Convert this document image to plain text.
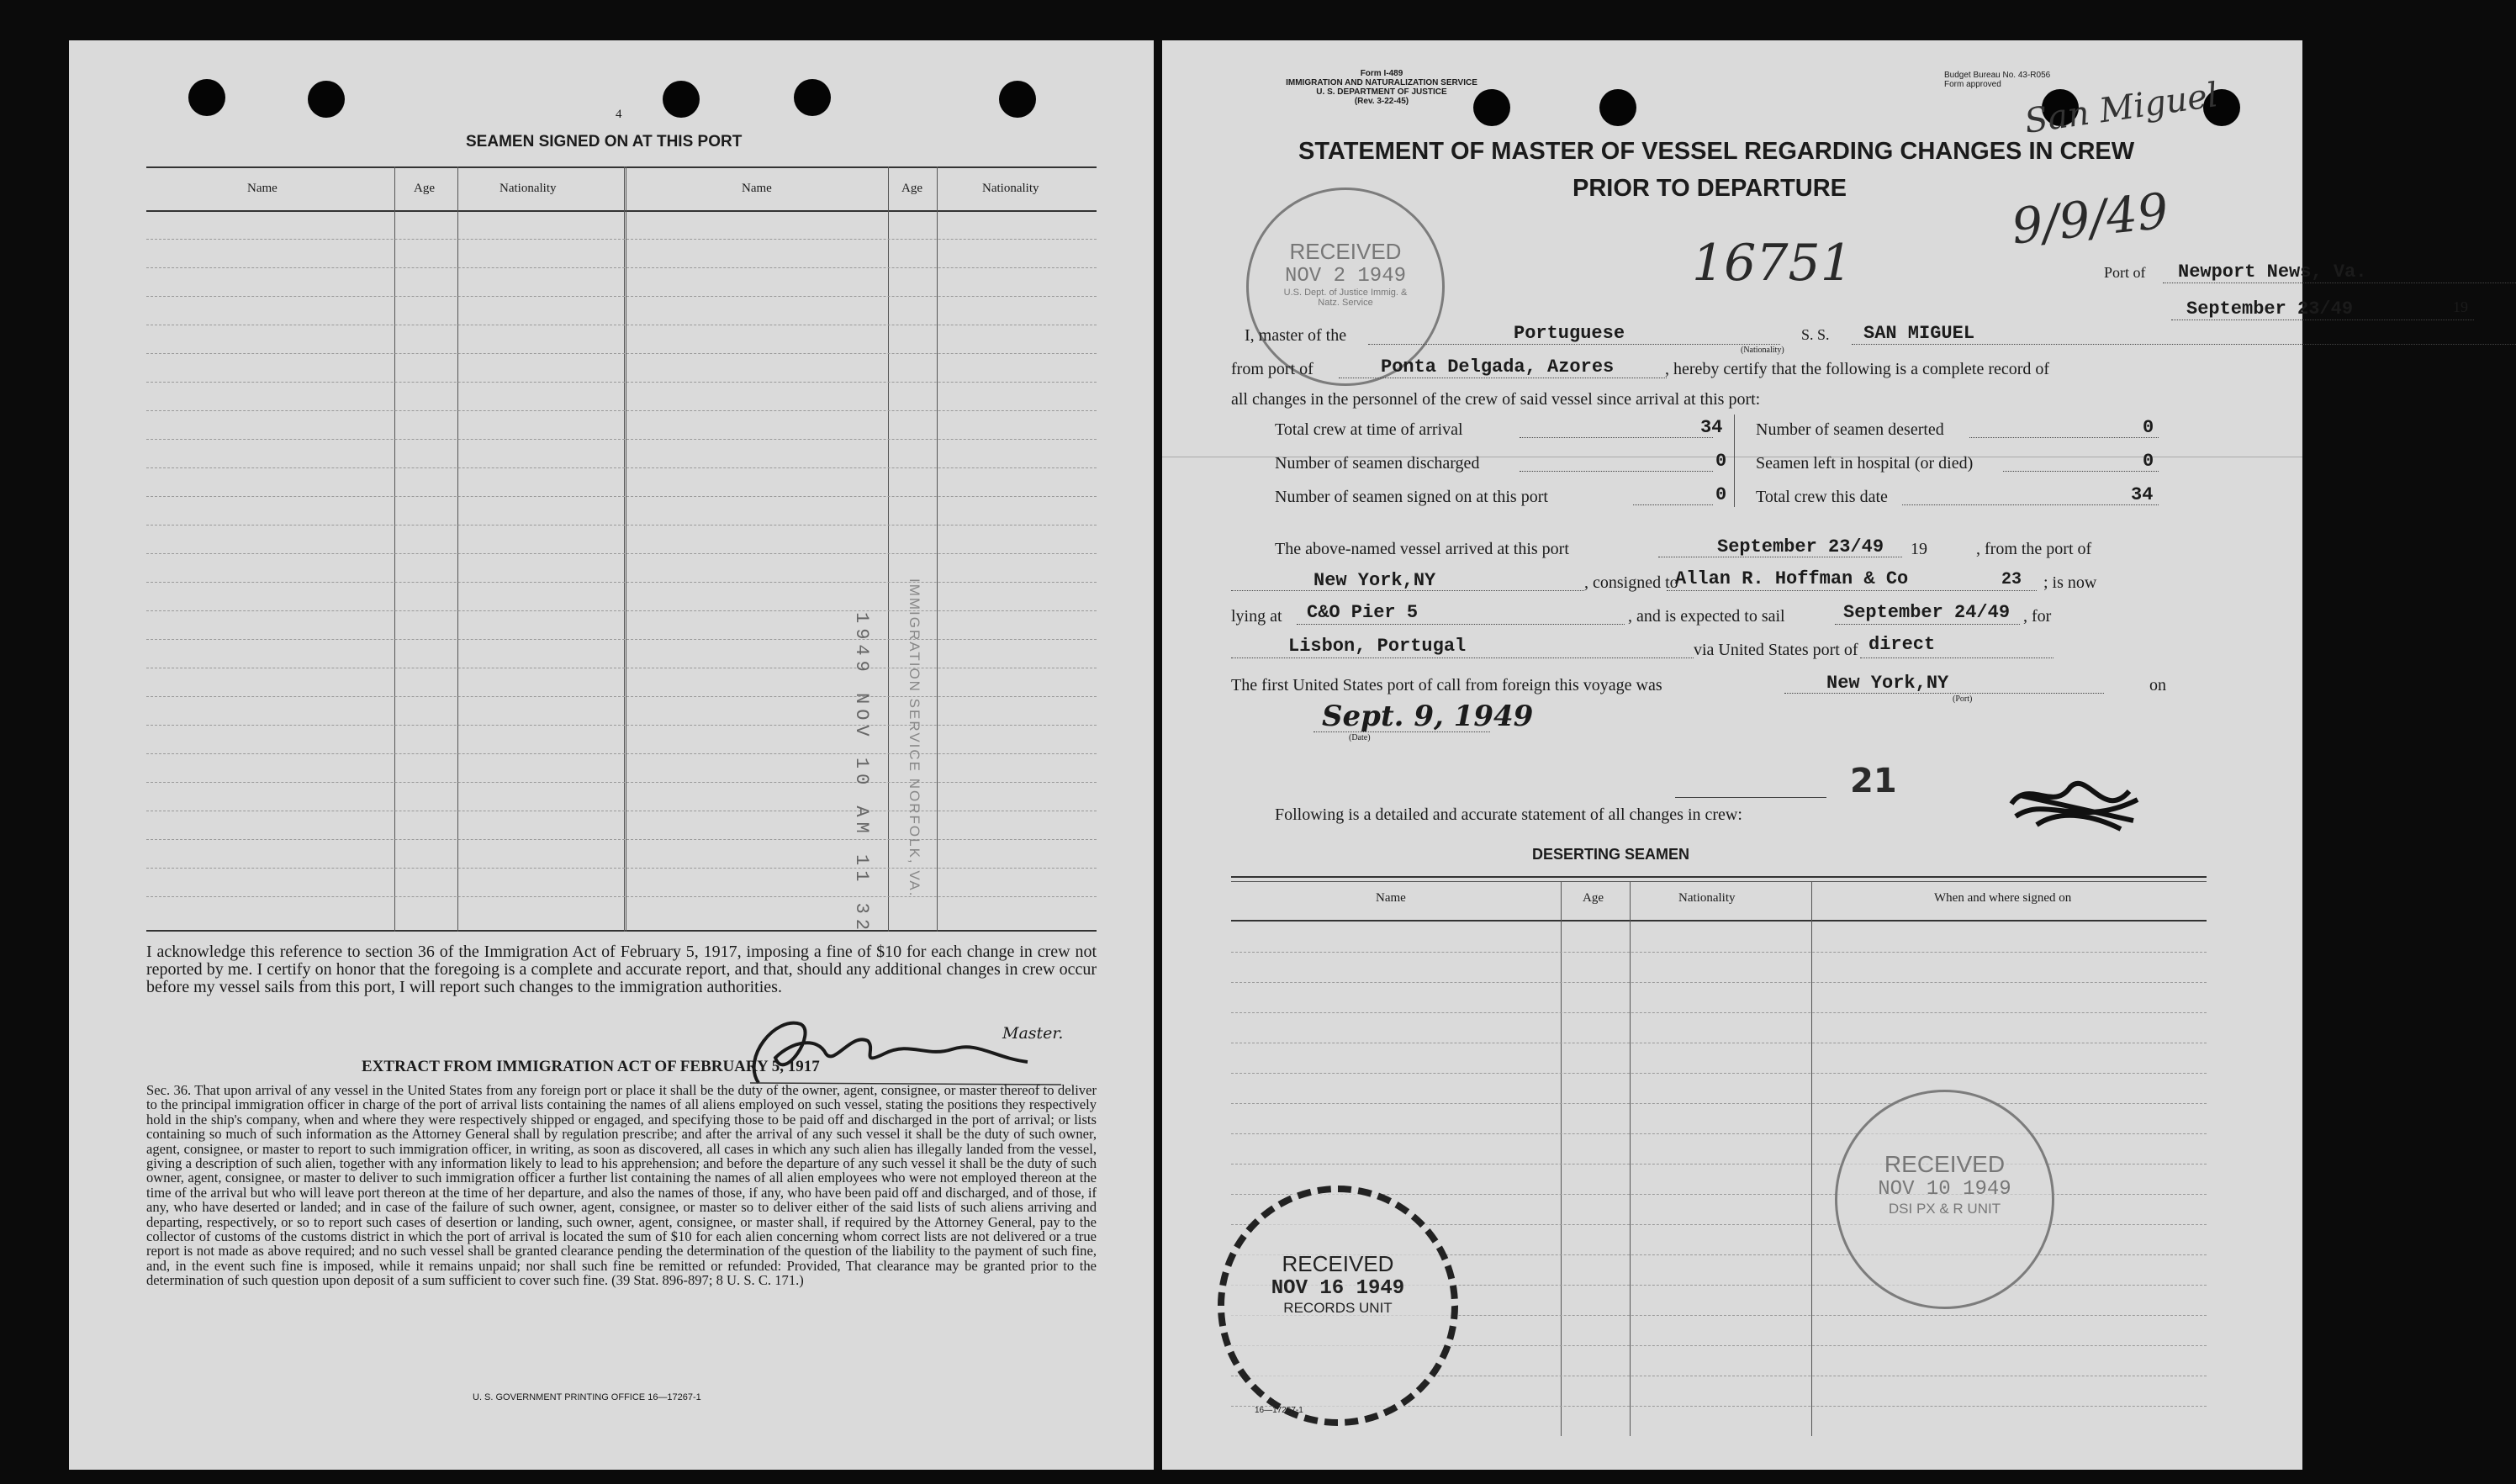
4
SEAMEN SIGNED ON AT THIS PORT
Name	Age	Nationality	Name	Age	Nationality
1949 NOV 10 AM 11 32 IMMIGRATION SERVICE NORFOLK, VA.
I acknowledge this reference to section 36 of the Immigration Act of February 5, 1917, imposing a fine of $10 for each change in crew not reported by me. I certify on honor that the foregoing is a complete and accurate report, and that, should any additional changes in crew occur before my vessel sails from this port, I will report such changes to the immigration authorities.
Master.
EXTRACT FROM IMMIGRATION ACT OF FEBRUARY 5, 1917
Sec. 36. That upon arrival of any vessel in the United States from any foreign port or place it shall be the duty of the owner, agent, consignee, or master thereof to deliver to the principal immigration officer in charge of the port of arrival lists containing the names of all aliens employed on such vessel, stating the positions they respectively hold in the ship's company, when and where they were respectively shipped or engaged, and specifying those to be paid off and discharged in the port of arrival; or lists containing so much of such information as the Attorney General shall by regulation prescribe; and after the arrival of any such vessel it shall be the duty of such owner, agent, consignee, or master to report to such immigration officer, in writing, as soon as discovered, all cases in which any such alien has illegally landed from the vessel, giving a description of such alien, together with any information likely to lead to his apprehension; and before the departure of any such vessel it shall be the duty of such owner, agent, consignee, or master to deliver to such immigration officer a further list containing the names of all alien employees who were not employed thereon at the time of the arrival but who will leave port thereon at the time of her departure, and also the names of those, if any, who have been paid off and discharged, and of those, if any, who have deserted or landed; and in case of the failure of such owner, agent, consignee, or master so to deliver either of the said lists of such aliens arriving and departing, respectively, or so to report such cases of desertion or landing, such owner, agent, consignee, or master shall, if required by the Attorney General, pay to the collector of customs of the customs district in which the port of arrival is located the sum of $10 for each alien concerning whom correct lists are not delivered or a true report is not made as above required; and no such vessel shall be granted clearance pending the determination of the question of the liability to the payment of such fine, and, in the event such fine is imposed, while it remains unpaid; nor shall such fine be remitted or refunded: Provided, That clearance may be granted prior to the determination of such question upon deposit of a sum sufficient to cover such fine. (39 Stat. 896-897; 8 U. S. C. 171.)
U. S. GOVERNMENT PRINTING OFFICE 16—17267-1
Form I-489
IMMIGRATION AND NATURALIZATION SERVICE
U. S. DEPARTMENT OF JUSTICE
(Rev. 3-22-45)
Budget Bureau No. 43-R056
Form approved San Miguel
STATEMENT OF MASTER OF VESSEL REGARDING CHANGES IN CREW
PRIOR TO DEPARTURE	9/9/49
16751
RECEIVED
NOV 2 1949
U.S. Dept. of Justice Immig. & Natz. Service
Port of Newport News, Va.
September 23/49	19
I, master of the	Portuguese
(Nationality)
S. S. SAN MIGUEL
from port of	Ponta Delgada, Azores	, hereby certify that the following is a complete record of
all changes in the personnel of the crew of said vessel since arrival at this port:
Total crew at time of arrival	34
Number of seamen discharged	0
Number of seamen signed on at this port	0
Number of seamen deserted	0
Seamen left in hospital (or died)	0
Total crew this date	34
The above-named vessel arrived at this port	September 23/49 19	, from the port of
New York,NY	, consigned to
Allan R. Hoffman & Co	23 ; is now
lying at C&O Pier 5	, and is expected to sail	September 24/49 , for
Lisbon, Portugal	via United States port of direct
The first United States port of call from foreign this voyage was	New York,NY
(Port)
on
Sept. 9, 1949
(Date)
21
Following is a detailed and accurate statement of all changes in crew:
DESERTING SEAMEN
Name	Age	Nationality	When and where signed on
RECEIVED
NOV 10 1949
DSI PX & R UNIT
RECEIVED
NOV 16 1949
RECORDS UNIT
16—17267-1
